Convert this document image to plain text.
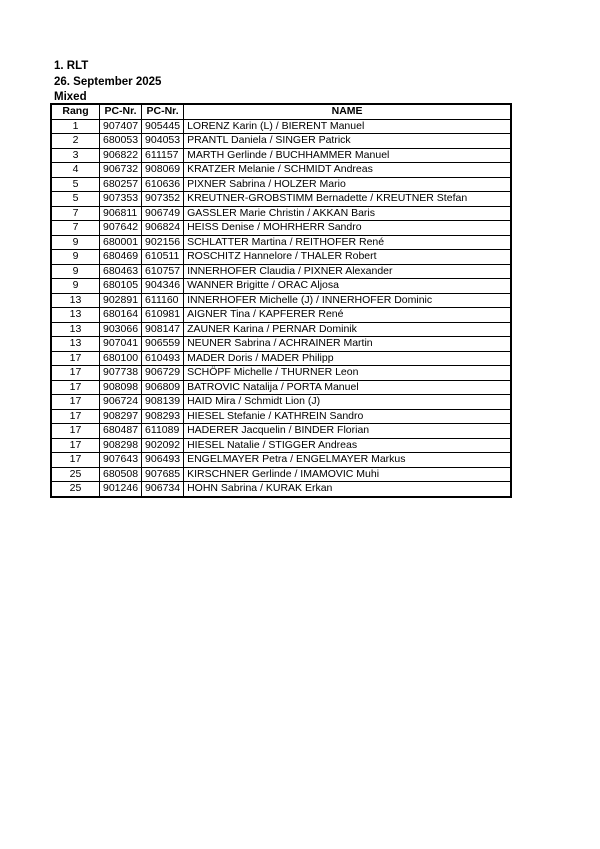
1. RLT
26. September 2025
Mixed
Rang	PC-Nr.	PC-Nr.	NAME
1	907407	905445	LORENZ Karin (L) / BIERENT Manuel
2	680053	904053	PRANTL Daniela / SINGER Patrick
3	906822	611157	MARTH Gerlinde / BUCHHAMMER Manuel
4	906732	908069	KRATZER Melanie / SCHMIDT Andreas
5	680257	610636	PIXNER Sabrina / HOLZER Mario
5	907353	907352	KREUTNER-GROBSTIMM Bernadette / KREUTNER Stefan
7	906811	906749	GASSLER Marie Christin / AKKAN Baris
7	907642	906824	HEISS Denise / MOHRHERR Sandro
9	680001	902156	SCHLATTER Martina / REITHOFER René
9	680469	610511	ROSCHITZ Hannelore / THALER Robert
9	680463	610757	INNERHOFER Claudia / PIXNER Alexander
9	680105	904346	WANNER Brigitte / ORAC Aljosa
13	902891	611160	INNERHOFER Michelle (J) / INNERHOFER Dominic
13	680164	610981	AIGNER Tina / KAPFERER René
13	903066	908147	ZAUNER Karina / PERNAR Dominik
13	907041	906559	NEUNER Sabrina / ACHRAINER Martin
17	680100	610493	MADER Doris / MADER Philipp
17	907738	906729	SCHÖPF Michelle / THURNER Leon
17	908098	906809	BATROVIC Natalija / PORTA Manuel
17	906724	908139	HAID Mira / Schmidt Lion (J)
17	908297	908293	HIESEL Stefanie / KATHREIN Sandro
17	680487	611089	HADERER Jacquelin / BINDER Florian
17	908298	902092	HIESEL Natalie / STIGGER Andreas
17	907643	906493	ENGELMAYER Petra / ENGELMAYER Markus
25	680508	907685	KIRSCHNER Gerlinde / IMAMOVIC Muhi
25	901246	906734	HOHN Sabrina / KURAK Erkan
